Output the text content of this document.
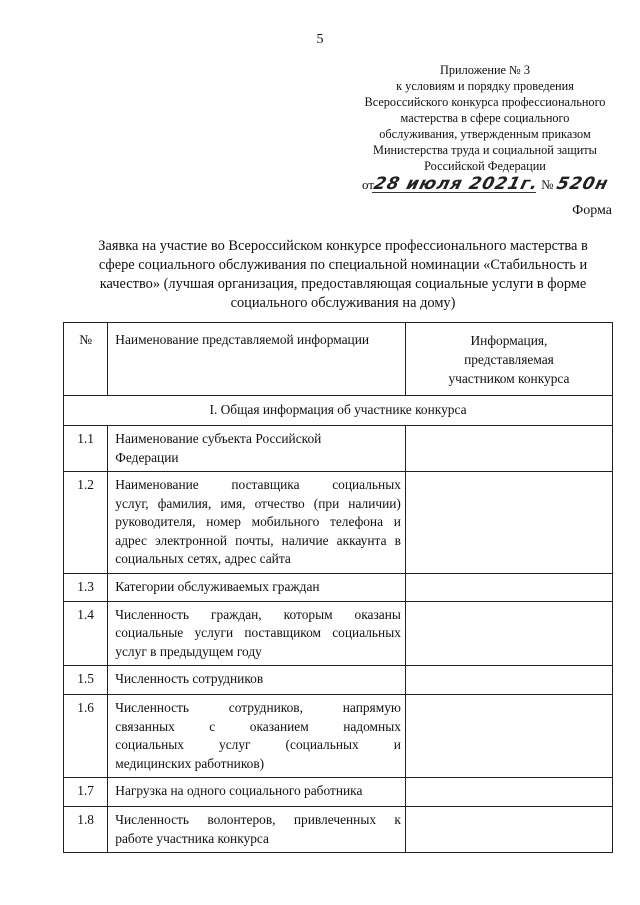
5
Приложение № 3
к условиям и порядку проведения
Всероссийского конкурса профессионального
мастерства в сфере социального
обслуживания, утвержденным приказом
Министерства труда и социальной защиты
Российской Федерации
от28 июля 2021г. № 520н
Форма
Заявка на участие во Всероссийском конкурсе профессионального мастерства в
сфере социального обслуживания по специальной номинации «Стабильность и
качество» (лучшая организация, предоставляющая социальные услуги в форме
социального обслуживания на дому)
№	Наименование представляемой информации	Информация,
представляемая
участником конкурса

I. Общая информация об участнике конкурса		
1.1	Наименование субъекта Российской
Федерации	

1.2	Наименование поставщика социальных
услуг, фамилия, имя, отчество (при наличии)
руководителя, номер мобильного телефона и
адрес электронной почты, наличие аккаунта в
социальных сетях, адрес сайта	

1.3	Категории обслуживаемых граждан	

1.4	Численность граждан, которым оказаны
социальные услуги поставщиком социальных
услуг в предыдущем году	

1.5	Численность сотрудников	

1.6	Численность сотрудников, напрямую
связанных с оказанием надомных
социальных услуг (социальных и
медицинских работников)	

1.7	Нагрузка на одного социального работника	

1.8	Численность волонтеров, привлеченных к
работе участника конкурса	
